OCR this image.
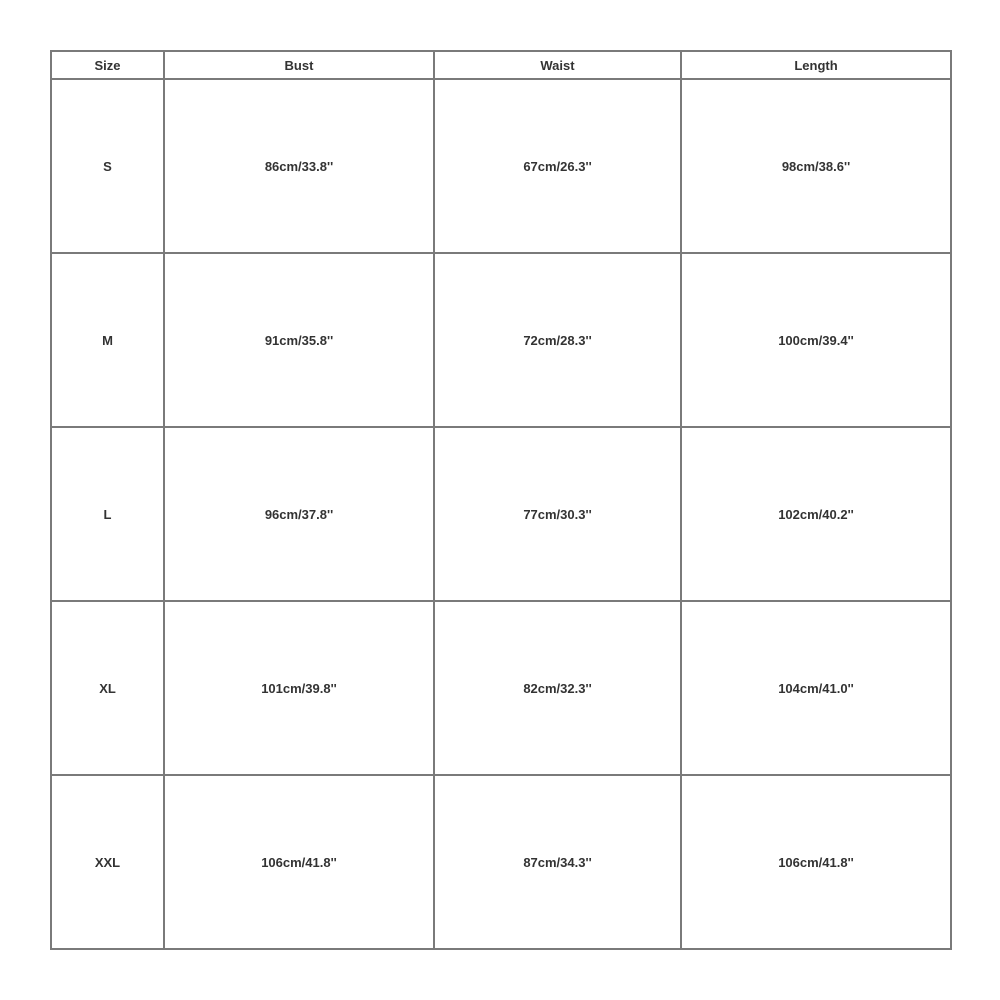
Size	Bust	Waist	Length
S	86cm/33.8''	67cm/26.3''	98cm/38.6''
M	91cm/35.8''	72cm/28.3''	100cm/39.4''
L	96cm/37.8''	77cm/30.3''	102cm/40.2''
XL	101cm/39.8''	82cm/32.3''	104cm/41.0''
XXL	106cm/41.8''	87cm/34.3''	106cm/41.8''
